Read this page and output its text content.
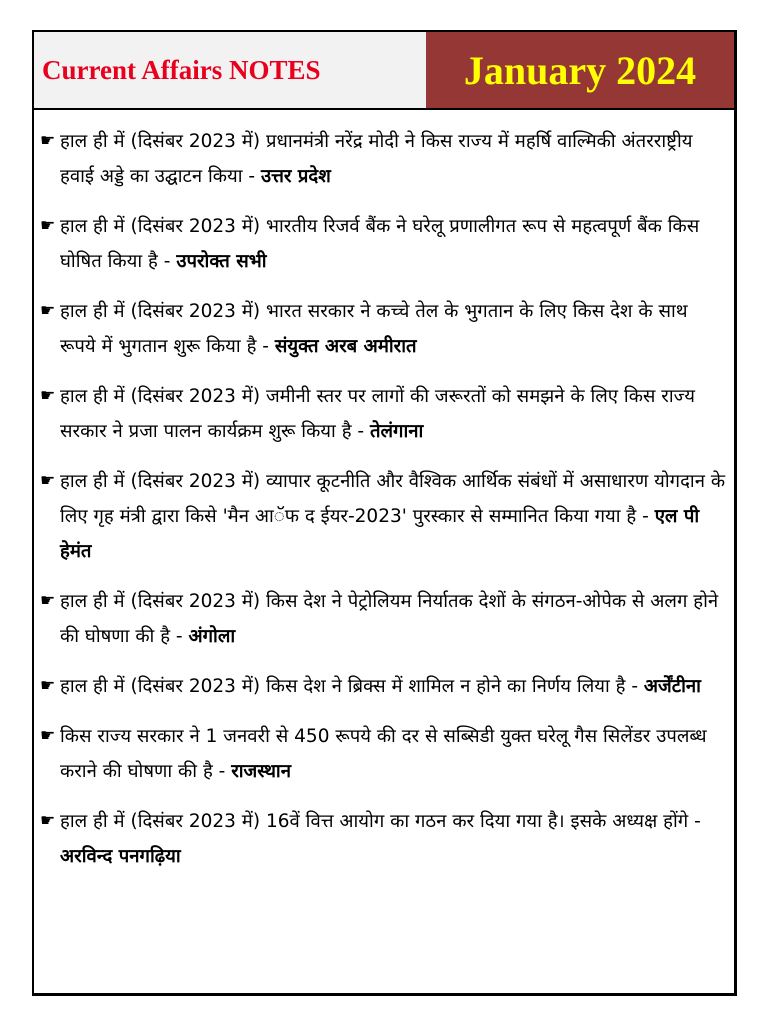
Current Affairs NOTES	January 2024
☛ हाल ही में (दिसंबर 2023 में) प्रधानमंत्री नरेंद्र मोदी ने किस राज्य में महर्षि वाल्मिकी अंतरराष्ट्रीय हवाई अड्डे का उद्घाटन किया - उत्तर प्रदेश
☛ हाल ही में (दिसंबर 2023 में) भारतीय रिजर्व बैंक ने घरेलू प्रणालीगत रूप से महत्वपूर्ण बैंक किस घोषित किया है - उपरोक्त सभी
☛ हाल ही में (दिसंबर 2023 में) भारत सरकार ने कच्चे तेल के भुगतान के लिए किस देश के साथ रूपये में भुगतान शुरू किया है - संयुक्त अरब अमीरात
☛ हाल ही में (दिसंबर 2023 में) जमीनी स्तर पर लागों की जरूरतों को समझने के लिए किस राज्य सरकार ने प्रजा पालन कार्यक्रम शुरू किया है - तेलंगाना
☛ हाल ही में (दिसंबर 2023 में) व्यापार कूटनीति और वैश्विक आर्थिक संबंधों में असाधारण योगदान के लिए गृह मंत्री द्वारा किसे 'मैन आॅफ द ईयर-2023' पुरस्कार से सम्मानित किया गया है - एल पी हेमंत
☛ हाल ही में (दिसंबर 2023 में) किस देश ने पेट्रोलियम निर्यातक देशों के संगठन-ओपेक से अलग होने की घोषणा की है - अंगोला
☛ हाल ही में (दिसंबर 2023 में) किस देश ने ब्रिक्स में शामिल न होने का निर्णय लिया है - अर्जेंटीना
☛ किस राज्य सरकार ने 1 जनवरी से 450 रूपये की दर से सब्सिडी युक्त घरेलू गैस सिलेंडर उपलब्ध कराने की घोषणा की है - राजस्थान
☛ हाल ही में (दिसंबर 2023 में) 16वें वित्त आयोग का गठन कर दिया गया है। इसके अध्यक्ष होंगे - अरविन्द पनगढ़िया
